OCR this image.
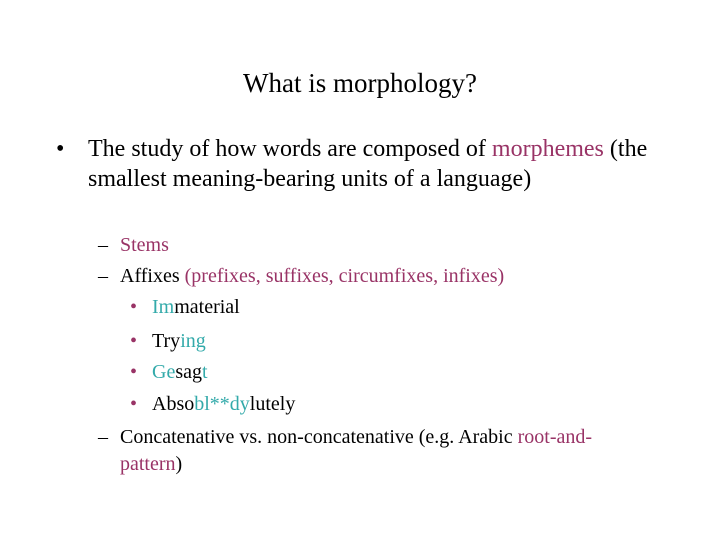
What is morphology?
• The study of how words are composed of morphemes (the smallest meaning-bearing units of a language)
– Stems
– Affixes (prefixes, suffixes, circumfixes, infixes)
• Immaterial
• Trying
• Gesagt
• Absobl**dylutely
– Concatenative vs. non-concatenative (e.g. Arabic root-and-pattern)
